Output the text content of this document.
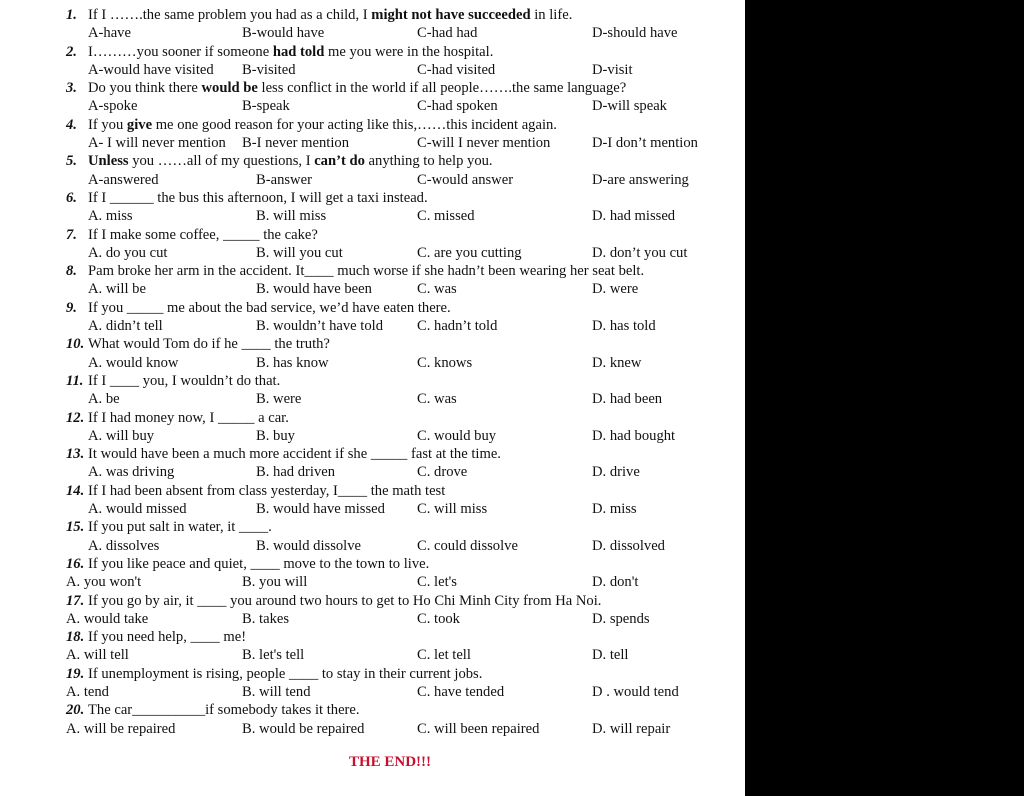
1. If I …….the same problem you had as a child, I might not have succeeded in life.
A-have	B-would have	C-had had	D-should have
2. I………you sooner if someone had told me you were in the hospital.
A-would have visited B-visited	C-had visited	D-visit
3. Do you think there would be less conflict in the world if all people…….the same language?
A-spoke	B-speak	C-had spoken	D-will speak
4. If you give me one good reason for your acting like this,……this incident again.
A- I will never mention B-I never mention	C-will I never mention	D-I don’t mention
5. Unless you ……all of my questions, I can’t do anything to help you.
A-answered	B-answer	C-would answer	D-are answering
6. If I ______ the bus this afternoon, I will get a taxi instead.
A. miss	B. will miss	C. missed	D. had missed
7. If I make some coffee, _____ the cake?
A. do you cut	B. will you cut	C. are you cutting	D. don’t you cut
8. Pam broke her arm in the accident. It____ much worse if she hadn’t been wearing her seat belt.
A. will be	B. would have been	C. was	D. were
9. If you _____ me about the bad service, we’d have eaten there.
A. didn’t tell	B. wouldn’t have told C. hadn’t told	D. has told
10. What would Tom do if he ____ the truth?
A. would know	B. has know	C. knows	D. knew
11. If I ____ you, I wouldn’t do that.
A. be	B. were	C. was	D. had been
12. If I had money now, I _____ a car.
A. will buy	B. buy	C. would buy	D. had bought
13. It would have been a much more accident if she _____ fast at the time.
A. was driving	B. had driven	C. drove	D. drive
14. If I had been absent from class yesterday, I____ the math test
A. would missed	B. would have missed C. will miss	D. miss
15. If you put salt in water, it ____.
A. dissolves	B. would dissolve	C. could dissolve	D. dissolved
16. If you like peace and quiet, ____ move to the town to live.
A. you won't	B. you will	C. let's	D. don't
17. If you go by air, it ____ you around two hours to get to Ho Chi Minh City from Ha Noi.
A. would take	B. takes	C. took	D. spends
18. If you need help, ____ me!
A. will tell	B. let's tell	C. let tell	D. tell
19. If unemployment is rising, people ____ to stay in their current jobs.
A. tend	B. will tend	C. have tended	D . would tend
20. The car__________if somebody takes it there.
A. will be repaired	B. would be repaired	C. will been repaired	D. will repair
THE END!!!
